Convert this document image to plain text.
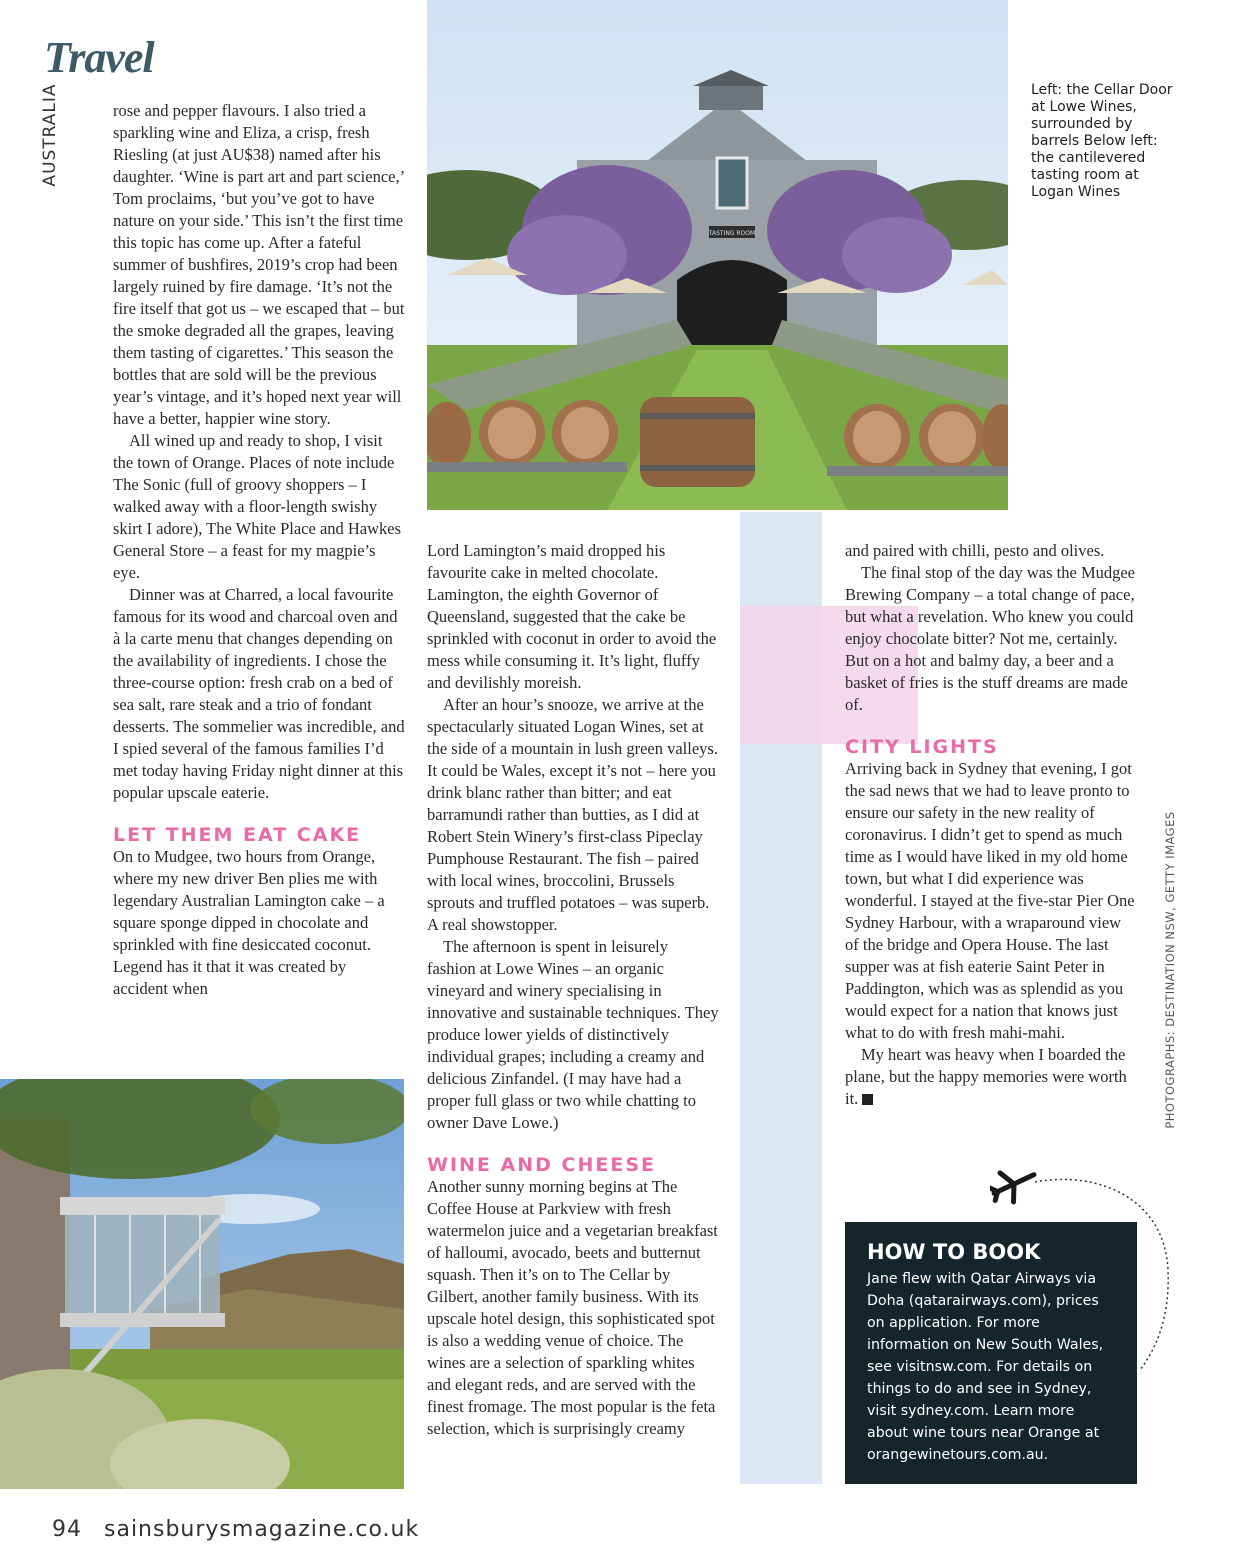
Travel
AUSTRALIA
TASTING ROOM
Left: the Cellar Door at Lowe Wines, surrounded by barrels Below left: the cantilevered tasting room at Logan Wines

rose and pepper flavours. I also tried a sparkling wine and Eliza, a crisp, fresh Riesling (at just AU$38) named after his daughter. ‘Wine is part art and part science,’ Tom proclaims, ‘but you’ve got to have nature on your side.’ This isn’t the first time this topic has come up. After a fateful summer of bushfires, 2019’s crop had been largely ruined by fire damage. ‘It’s not the fire itself that got us – we escaped that – but the smoke degraded all the grapes, leaving them tasting of cigarettes.’ This season the bottles that are sold will be the previous year’s vintage, and it’s hoped next year will have a better, happier wine story.

All wined up and ready to shop, I visit the town of Orange. Places of note include The Sonic (full of groovy shoppers – I walked away with a floor-length swishy skirt I adore), The White Place and Hawkes General Store – a feast for my magpie’s eye.

Dinner was at Charred, a local favourite famous for its wood and charcoal oven and à la carte menu that changes depending on the availability of ingredients. I chose the three-course option: fresh crab on a bed of sea salt, rare steak and a trio of fondant desserts. The sommelier was incredible, and I spied several of the famous families I’d met today having Friday night dinner at this popular upscale eaterie.

LET THEM EAT CAKE

On to Mudgee, two hours from Orange, where my new driver Ben plies me with legendary Australian Lamington cake – a square sponge dipped in chocolate and sprinkled with fine desiccated coconut. Legend has it that it was created by accident when

Lord Lamington’s maid dropped his favourite cake in melted chocolate. Lamington, the eighth Governor of Queensland, suggested that the cake be sprinkled with coconut in order to avoid the mess while consuming it. It’s light, fluffy and devilishly moreish.

After an hour’s snooze, we arrive at the spectacularly situated Logan Wines, set at the side of a mountain in lush green valleys. It could be Wales, except it’s not – here you drink blanc rather than bitter; and eat barramundi rather than butties, as I did at Robert Stein Winery’s first-class Pipeclay Pumphouse Restaurant. The fish – paired with local wines, broccolini, Brussels sprouts and truffled potatoes – was superb. A real showstopper.

The afternoon is spent in leisurely fashion at Lowe Wines – an organic vineyard and winery specialising in innovative and sustainable techniques. They produce lower yields of distinctively individual grapes; including a creamy and delicious Zinfandel. (I may have had a proper full glass or two while chatting to owner Dave Lowe.)

WINE AND CHEESE

Another sunny morning begins at The Coffee House at Parkview with fresh watermelon juice and a vegetarian breakfast of halloumi, avocado, beets and butternut squash. Then it’s on to The Cellar by Gilbert, another family business. With its upscale hotel design, this sophisticated spot is also a wedding venue of choice. The wines are a selection of sparkling whites and elegant reds, and are served with the finest fromage. The most popular is the feta selection, which is surprisingly creamy

and paired with chilli, pesto and olives.

The final stop of the day was the Mudgee Brewing Company – a total change of pace, but what a revelation. Who knew you could enjoy chocolate bitter? Not me, certainly. But on a hot and balmy day, a beer and a basket of fries is the stuff dreams are made of.

CITY LIGHTS

Arriving back in Sydney that evening, I got the sad news that we had to leave pronto to ensure our safety in the new reality of coronavirus. I didn’t get to spend as much time as I would have liked in my old home town, but what I did experience was wonderful. I stayed at the five-star Pier One Sydney Harbour, with a wraparound view of the bridge and Opera House. The last supper was at fish eaterie Saint Peter in Paddington, which was as splendid as you would expect for a nation that knows just what to do with fresh mahi-mahi.

My heart was heavy when I boarded the plane, but the happy memories were worth it.	PHOTOGRAPHS: DESTINATION NSW, GETTY IMAGES
HOW TO BOOK
Jane flew with Qatar Airways via Doha (qatarairways.com), prices on application. For more information on New South Wales, see visitnsw.com. For details on things to do and see in Sydney, visit sydney.com. Learn more about wine tours near Orange at orangewinetours.com.au.
94 sainsburysmagazine.co.uk
